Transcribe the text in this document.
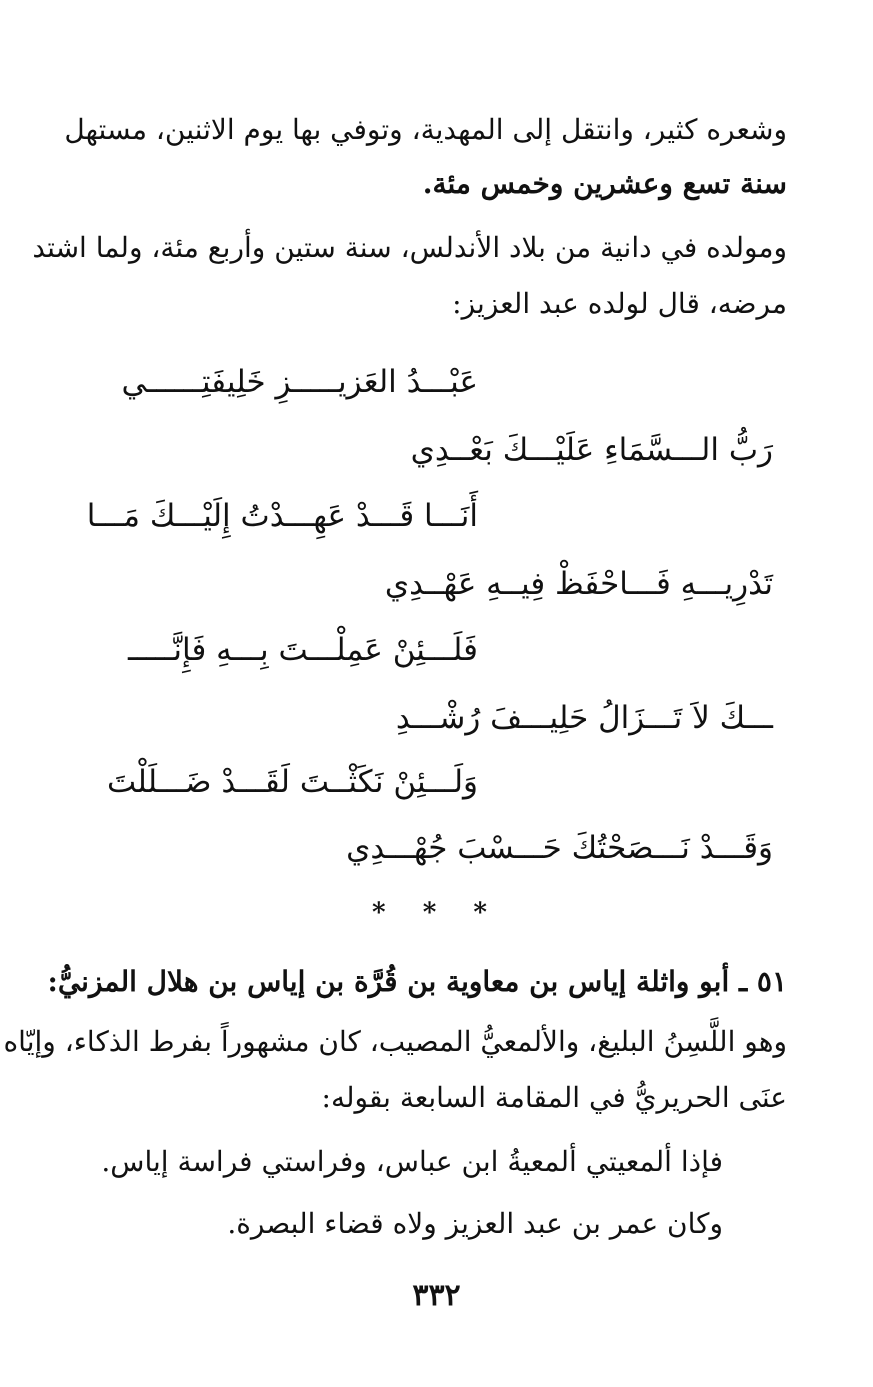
وشعره كثير، وانتقل إلى المهدية، وتوفي بها يوم الاثنين، مستهل
سنة تسع وعشرين وخمس مئة.
ومولده في دانية من بلاد الأندلس، سنة ستين وأربع مئة، ولما اشتد
مرضه، قال لولده عبد العزيز:
عَبْـــدُ العَزيـــــزِ خَلِيفَتِــــــي
رَبُّ الـــسَّمَاءِ عَلَيْـــكَ بَعْــدِي
أَنَـــا قَـــدْ عَهِـــدْتُ إِلَيْـــكَ مَـــا
تَدْرِيـــهِ فَـــاحْفَظْ فِيــهِ عَهْــدِي
فَلَـــئِنْ عَمِلْـــتَ بِـــهِ فَإِنَّـــــ
ـــكَ لاَ تَـــزَالُ حَلِيـــفَ رُشْـــدِ
وَلَـــئِنْ نَكَثْــتَ لَقَـــدْ ضَـــلَلْتَ
وَقَـــدْ نَـــصَحْتُكَ حَـــسْبَ جُهْـــدِي
* * *
٥١ ـ أبو واثلة إياس بن معاوية بن قُرَّة بن إياس بن هلال المزنيُّ:
وهو اللَّسِنُ البليغ، والألمعيُّ المصيب، كان مشهوراً بفرط الذكاء، وإيّاه
عنَى الحريريُّ في المقامة السابعة بقوله:
فإذا ألمعيتي ألمعيةُ ابن عباس، وفراستي فراسة إياس.
وكان عمر بن عبد العزيز ولاه قضاء البصرة.
٣٣٢
